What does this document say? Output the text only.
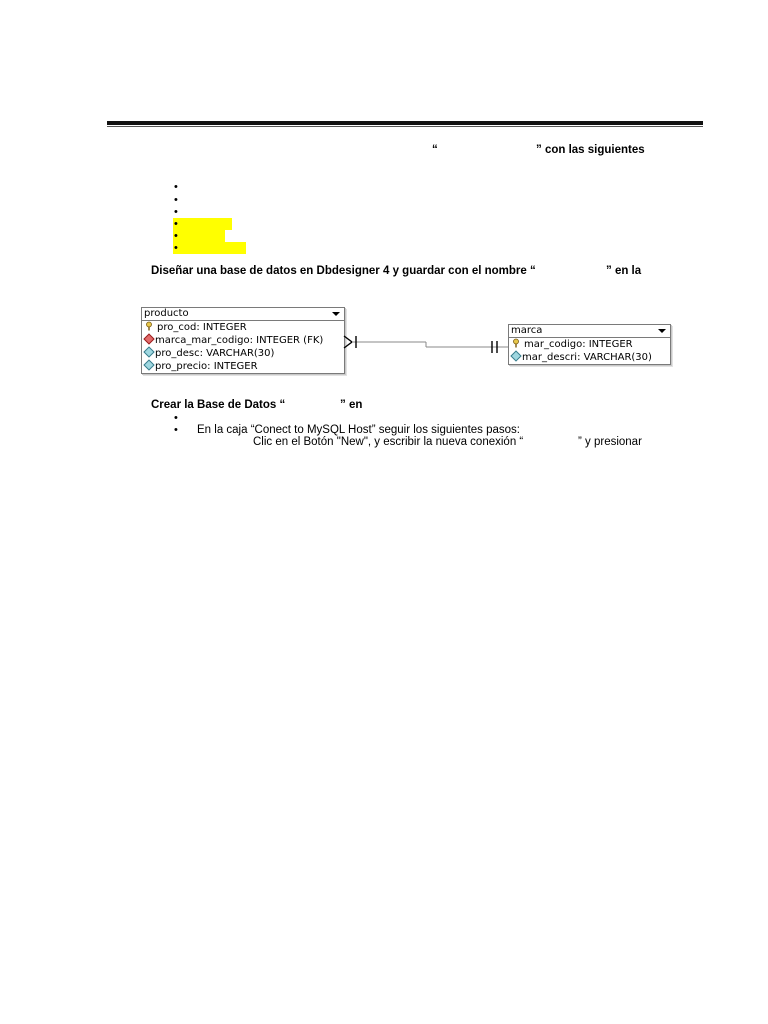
“	” con las siguientes
•
•
•
•
•
•
Diseñar una base de datos en Dbdesigner 4 y guardar con el nombre “	” en la
producto
pro_cod: INTEGER
marca_mar_codigo: INTEGER (FK)
pro_desc: VARCHAR(30)
pro_precio: INTEGER
marca
mar_codigo: INTEGER
mar_descri: VARCHAR(30)
Crear la Base de Datos “	” en
•
• En la caja “Conect to MySQL Host” seguir los siguientes pasos:
Clic en el Botón "New", y escribir la nueva conexión “	” y presionar
